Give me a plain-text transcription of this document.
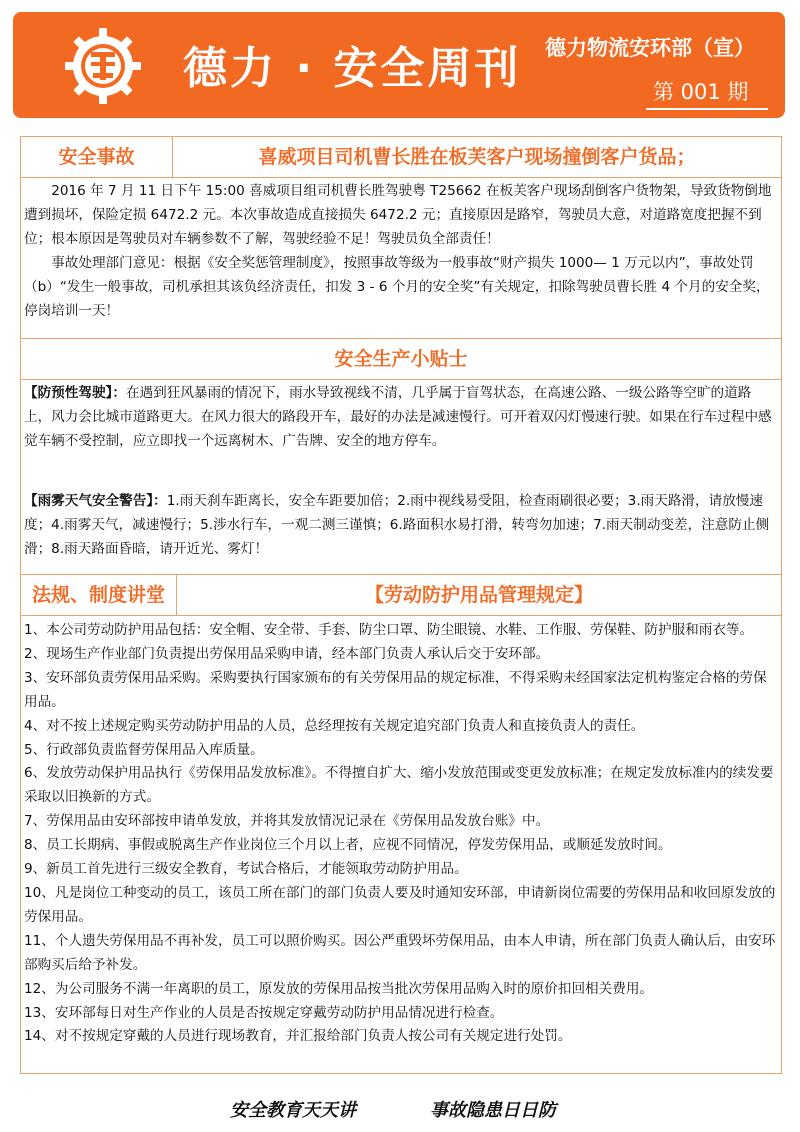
德力 · 安全周刊 德力物流安环部（宣）
第 001 期
安全事故	喜威项目司机曹长胜在板芙客户现场撞倒客户货品；

2016 年 7 月 11 日下午 15:00 喜威项目组司机曹长胜驾驶粤 T25662 在板芙客户现场刮倒客户货物架，导致货物倒地遭到损坏，保险定损 6472.2 元。本次事故造成直接损失 6472.2 元；直接原因是路窄，驾驶员大意，对道路宽度把握不到位；根本原因是驾驶员对车辆参数不了解，驾驶经验不足！驾驶员负全部责任！

事故处理部门意见：根据《安全奖惩管理制度》，按照事故等级为一般事故“财产损失 1000— 1 万元以内”，事故处罚（b）“发生一般事故，司机承担其该负经济责任，扣发 3 - 6 个月的安全奖”有关规定，扣除驾驶员曹长胜 4 个月的安全奖，停岗培训一天！

安全生产小贴士

【防预性驾驶】：在遇到狂风暴雨的情况下，雨水导致视线不清，几乎属于盲驾状态，在高速公路、一级公路等空旷的道路上，风力会比城市道路更大。在风力很大的路段开车，最好的办法是减速慢行。可开着双闪灯慢速行驶。如果在行车过程中感觉车辆不受控制，应立即找一个远离树木、广告牌、安全的地方停车。

【雨雾天气安全警告】：1.雨天刹车距离长，安全车距要加倍；2.雨中视线易受阻，检查雨刷很必要；3.雨天路滑，请放慢速度；4.雨雾天气，减速慢行；5.涉水行车，一观二测三谨慎；6.路面积水易打滑，转弯勿加速；7.雨天制动变差，注意防止侧滑；8.雨天路面昏暗，请开近光、雾灯！

法规、制度讲堂	【劳动防护用品管理规定】
1、本公司劳动防护用品包括：安全帽、安全带、手套、防尘口罩、防尘眼镜、水鞋、工作服、劳保鞋、防护服和雨衣等。
2、现场生产作业部门负责提出劳保用品采购申请，经本部门负责人承认后交于安环部。
3、安环部负责劳保用品采购。采购要执行国家颁布的有关劳保用品的规定标准，不得采购未经国家法定机构鉴定合格的劳保用品。
4、对不按上述规定购买劳动防护用品的人员，总经理按有关规定追究部门负责人和直接负责人的责任。
5、行政部负责监督劳保用品入库质量。
6、发放劳动保护用品执行《劳保用品发放标准》。不得擅自扩大、缩小发放范围或变更发放标准；在规定发放标准内的续发要采取以旧换新的方式。
7、劳保用品由安环部按申请单发放，并将其发放情况记录在《劳保用品发放台账》中。
8、员工长期病、事假或脱离生产作业岗位三个月以上者，应视不同情况，停发劳保用品，或顺延发放时间。
9、新员工首先进行三级安全教育，考试合格后，才能领取劳动防护用品。
10、凡是岗位工种变动的员工，该员工所在部门的部门负责人要及时通知安环部，申请新岗位需要的劳保用品和收回原发放的劳保用品。
11、个人遗失劳保用品不再补发，员工可以照价购买。因公严重毁坏劳保用品，由本人申请，所在部门负责人确认后，由安环部购买后给予补发。
12、为公司服务不满一年离职的员工，原发放的劳保用品按当批次劳保用品购入时的原价扣回相关费用。
13、安环部每日对生产作业的人员是否按规定穿戴劳动防护用品情况进行检查。
14、对不按规定穿戴的人员进行现场教育，并汇报给部门负责人按公司有关规定进行处罚。
安全教育天天讲	事故隐患日日防
